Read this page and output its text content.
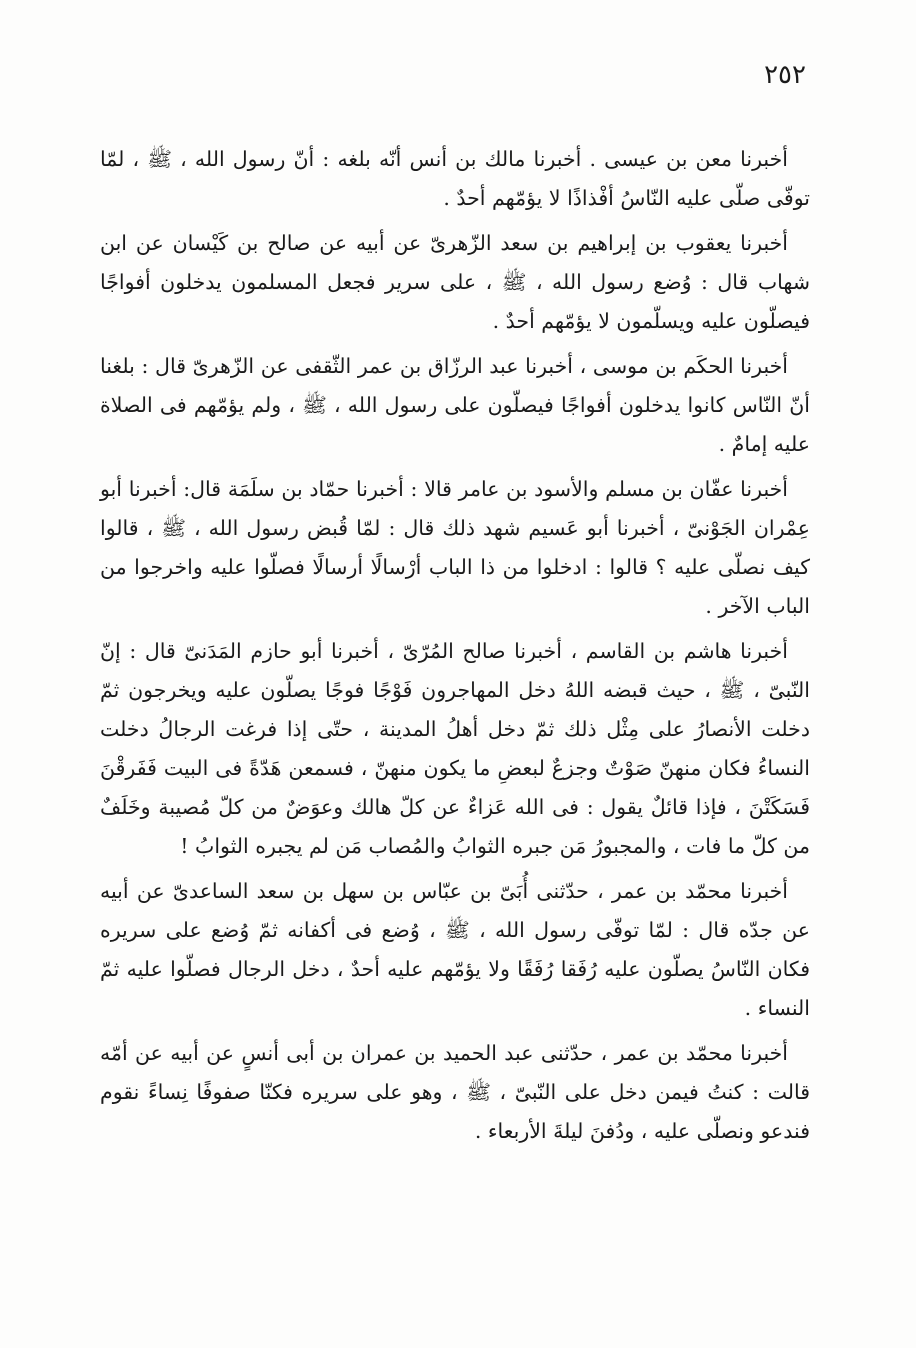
٢٥٢

أخبرنا معن بن عيسى . أخبرنا مالك بن أنس أنّه بلغه : أنّ رسول الله ، ﷺ ، لمّا توفّى صلّى عليه النّاسُ أفْذاذًا لا يؤمّهم أحدٌ .

أخبرنا يعقوب بن إبراهيم بن سعد الزّهرىّ عن أبيه عن صالح بن كَيْسان عن ابن شهاب قال : وُضع رسول الله ، ﷺ ، على سرير فجعل المسلمون يدخلون أفواجًا فيصلّون عليه ويسلّمون لا يؤمّهم أحدٌ .

أخبرنا الحكَم بن موسى ، أخبرنا عبد الرزّاق بن عمر الثّقفى عن الزّهرىّ قال : بلغنا أنّ النّاس كانوا يدخلون أفواجًا فيصلّون على رسول الله ، ﷺ ، ولم يؤمّهم فى الصلاة عليه إمامٌ .

أخبرنا عفّان بن مسلم والأسود بن عامر قالا : أخبرنا حمّاد بن سلَمَة قال: أخبرنا أبو عِمْران الجَوْنىّ ، أخبرنا أبو عَسيم شهد ذلك قال : لمّا قُبض رسول الله ، ﷺ ، قالوا كيف نصلّى عليه ؟ قالوا : ادخلوا من ذا الباب أرْسالًا أرسالًا فصلّوا عليه واخرجوا من الباب الآخر .

أخبرنا هاشم بن القاسم ، أخبرنا صالح المُرّىّ ، أخبرنا أبو حازم المَدَنىّ قال : إنّ النّبىّ ، ﷺ ، حيث قبضه اللهُ دخل المهاجرون فَوْجًا فوجًا يصلّون عليه ويخرجون ثمّ دخلت الأنصارُ على مِثْل ذلك ثمّ دخل أهلُ المدينة ، حتّى إذا فرغت الرجالُ دخلت النساءُ فكان منهنّ صَوْتٌ وجزعٌ لبعضِ ما يكون منهنّ ، فسمعن هَدّةً فى البيت فَفَرقْنَ فَسَكَتْنَ ، فإذا قائلٌ يقول : فى الله عَزاءٌ عن كلّ هالك وعوَضٌ من كلّ مُصيبة وخَلَفٌ من كلّ ما فات ، والمجبورُ مَن جبره الثوابُ والمُصاب مَن لم يجبره الثوابُ !

أخبرنا محمّد بن عمر ، حدّثنى أُبَىّ بن عبّاس بن سهل بن سعد الساعدىّ عن أبيه عن جدّه قال : لمّا توفّى رسول الله ، ﷺ ، وُضع فى أكفانه ثمّ وُضع على سريره فكان النّاسُ يصلّون عليه رُفَقا رُفَقًا ولا يؤمّهم عليه أحدٌ ، دخل الرجال فصلّوا عليه ثمّ النساء .

أخبرنا محمّد بن عمر ، حدّثنى عبد الحميد بن عمران بن أبى أنسٍ عن أبيه عن أمّه قالت : كنتُ فيمن دخل على النّبىّ ، ﷺ ، وهو على سريره فكنّا صفوفًا نِساءً نقوم فندعو ونصلّى عليه ، ودُفنَ ليلةَ الأربعاء .
